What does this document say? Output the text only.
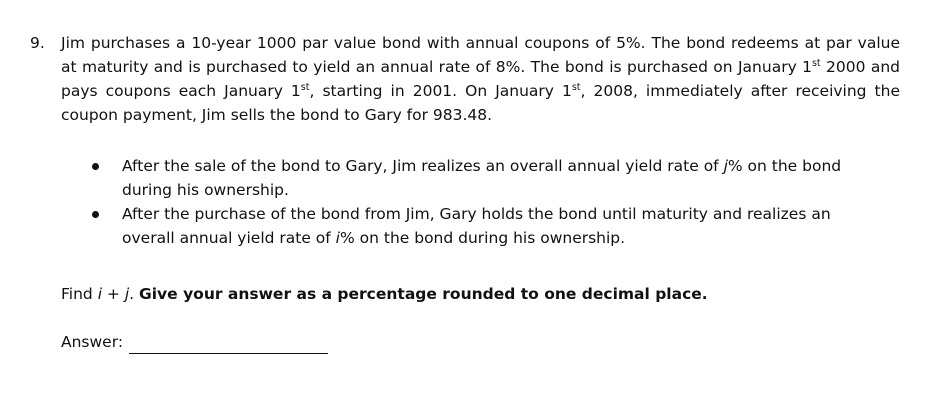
9. Jim purchases a 10-year 1000 par value bond with annual coupons of 5%. The bond redeems at par value at maturity and is purchased to yield an annual rate of 8%. The bond is purchased on January 1st 2000 and pays coupons each January 1st, starting in 2001. On January 1st, 2008, immediately after receiving the coupon payment, Jim sells the bond to Gary for 983.48.
After the sale of the bond to Gary, Jim realizes an overall annual yield rate of j% on the bond during his ownership.
After the purchase of the bond from Jim, Gary holds the bond until maturity and realizes an overall annual yield rate of i% on the bond during his ownership.
Find i + j. Give your answer as a percentage rounded to one decimal place.
Answer:
